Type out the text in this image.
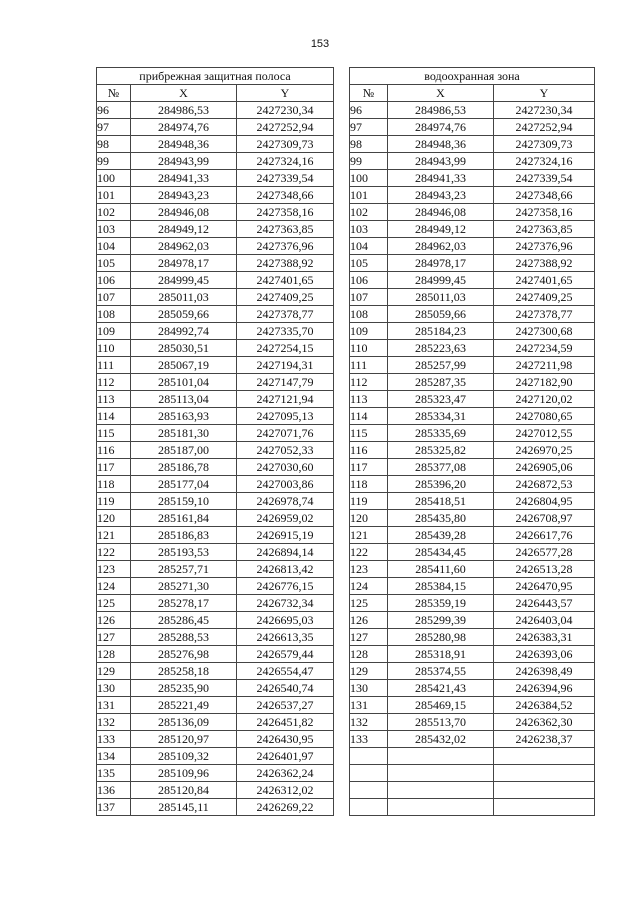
153
прибрежная защитная полоса		
№	X	Y
96	284986,53	2427230,34
97	284974,76	2427252,94
98	284948,36	2427309,73
99	284943,99	2427324,16
100	284941,33	2427339,54
101	284943,23	2427348,66
102	284946,08	2427358,16
103	284949,12	2427363,85
104	284962,03	2427376,96
105	284978,17	2427388,92
106	284999,45	2427401,65
107	285011,03	2427409,25
108	285059,66	2427378,77
109	284992,74	2427335,70
110	285030,51	2427254,15
111	285067,19	2427194,31
112	285101,04	2427147,79
113	285113,04	2427121,94
114	285163,93	2427095,13
115	285181,30	2427071,76
116	285187,00	2427052,33
117	285186,78	2427030,60
118	285177,04	2427003,86
119	285159,10	2426978,74
120	285161,84	2426959,02
121	285186,83	2426915,19
122	285193,53	2426894,14
123	285257,71	2426813,42
124	285271,30	2426776,15
125	285278,17	2426732,34
126	285286,45	2426695,03
127	285288,53	2426613,35
128	285276,98	2426579,44
129	285258,18	2426554,47
130	285235,90	2426540,74
131	285221,49	2426537,27
132	285136,09	2426451,82
133	285120,97	2426430,95
134	285109,32	2426401,97
135	285109,96	2426362,24
136	285120,84	2426312,02
137	285145,11	2426269,22
водоохранная зона		
№	X	Y
96	284986,53	2427230,34
97	284974,76	2427252,94
98	284948,36	2427309,73
99	284943,99	2427324,16
100	284941,33	2427339,54
101	284943,23	2427348,66
102	284946,08	2427358,16
103	284949,12	2427363,85
104	284962,03	2427376,96
105	284978,17	2427388,92
106	284999,45	2427401,65
107	285011,03	2427409,25
108	285059,66	2427378,77
109	285184,23	2427300,68
110	285223,63	2427234,59
111	285257,99	2427211,98
112	285287,35	2427182,90
113	285323,47	2427120,02
114	285334,31	2427080,65
115	285335,69	2427012,55
116	285325,82	2426970,25
117	285377,08	2426905,06
118	285396,20	2426872,53
119	285418,51	2426804,95
120	285435,80	2426708,97
121	285439,28	2426617,76
122	285434,45	2426577,28
123	285411,60	2426513,28
124	285384,15	2426470,95
125	285359,19	2426443,57
126	285299,39	2426403,04
127	285280,98	2426383,31
128	285318,91	2426393,06
129	285374,55	2426398,49
130	285421,43	2426394,96
131	285469,15	2426384,52
132	285513,70	2426362,30
133	285432,02	2426238,37
